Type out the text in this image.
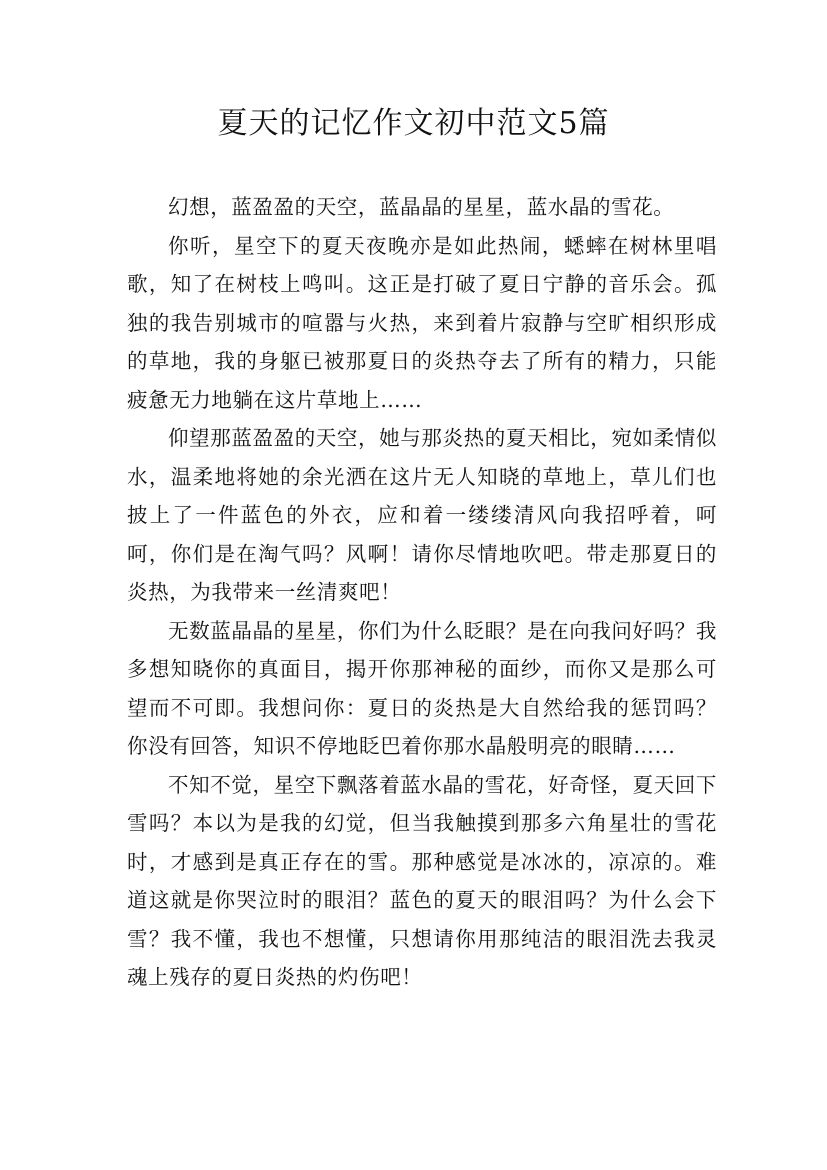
夏天的记忆作文初中范文5篇

幻想，蓝盈盈的天空，蓝晶晶的星星，蓝水晶的雪花。

你听，星空下的夏天夜晚亦是如此热闹，蟋蟀在树林里唱歌，知了在树枝上鸣叫。这正是打破了夏日宁静的音乐会。孤独的我告别城市的喧嚣与火热，来到着片寂静与空旷相织形成的草地，我的身躯已被那夏日的炎热夺去了所有的精力，只能疲惫无力地躺在这片草地上……

仰望那蓝盈盈的天空，她与那炎热的夏天相比，宛如柔情似水，温柔地将她的余光洒在这片无人知晓的草地上，草儿们也披上了一件蓝色的外衣，应和着一缕缕清风向我招呼着，呵呵，你们是在淘气吗？风啊！请你尽情地吹吧。带走那夏日的炎热，为我带来一丝清爽吧！

无数蓝晶晶的星星，你们为什么眨眼？是在向我问好吗？我多想知晓你的真面目，揭开你那神秘的面纱，而你又是那么可望而不可即。我想问你：夏日的炎热是大自然给我的惩罚吗？你没有回答，知识不停地眨巴着你那水晶般明亮的眼睛……

不知不觉，星空下飘落着蓝水晶的雪花，好奇怪，夏天回下雪吗？本以为是我的幻觉，但当我触摸到那多六角星壮的雪花时，才感到是真正存在的雪。那种感觉是冰冰的，凉凉的。难道这就是你哭泣时的眼泪？蓝色的夏天的眼泪吗？为什么会下雪？我不懂，我也不想懂，只想请你用那纯洁的眼泪洗去我灵魂上残存的夏日炎热的灼伤吧！
